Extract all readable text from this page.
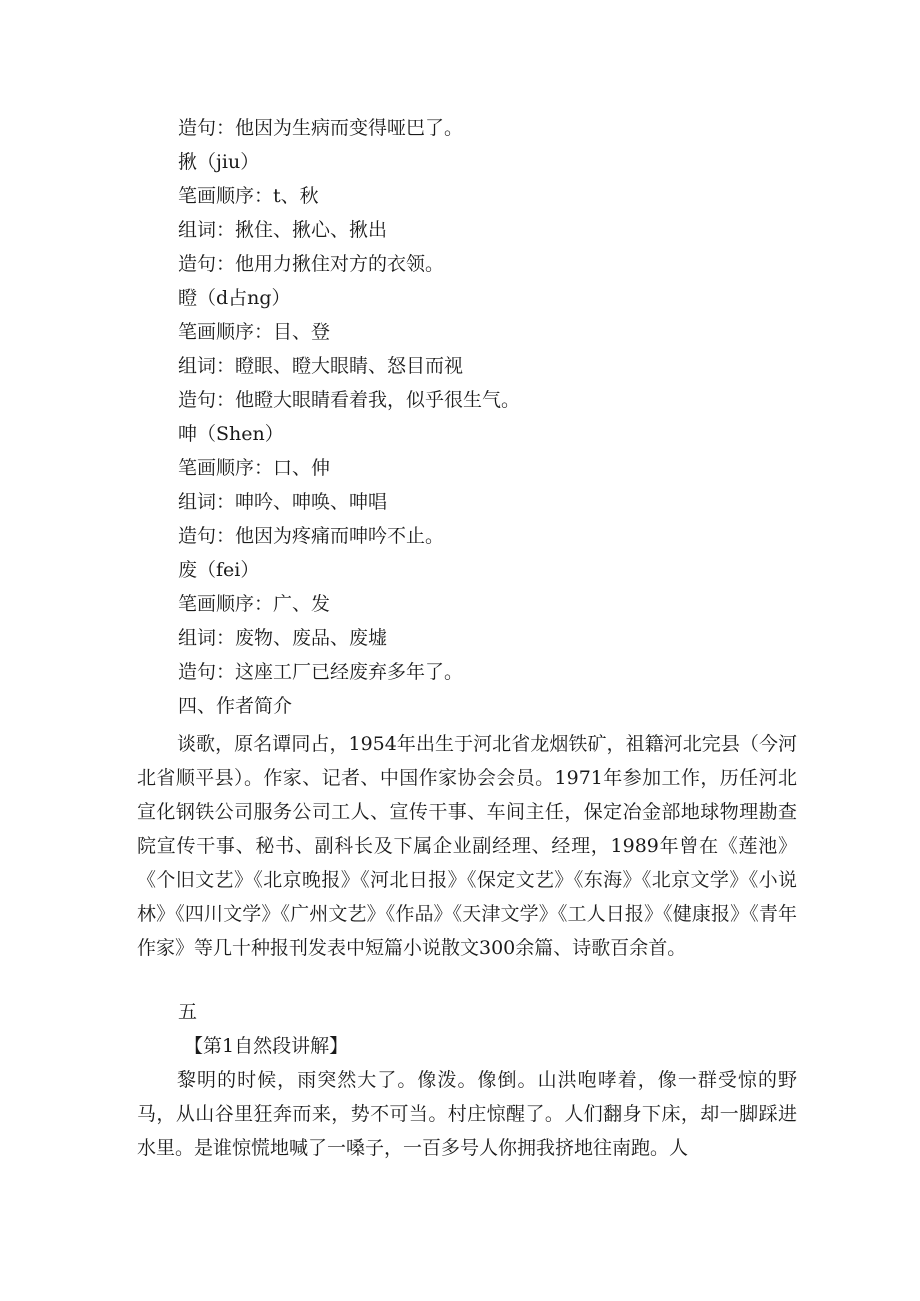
造句：他因为生病而变得哑巴了。
揪（jiu）
笔画顺序：t、秋
组词：揪住、揪心、揪出
造句：他用力揪住对方的衣领。
瞪（d占ng）
笔画顺序：目、登
组词：瞪眼、瞪大眼睛、怒目而视
造句：他瞪大眼睛看着我，似乎很生气。
呻（Shen）
笔画顺序：口、伸
组词：呻吟、呻唤、呻唱
造句：他因为疼痛而呻吟不止。
废（fei）
笔画顺序：广、发
组词：废物、废品、废墟
造句：这座工厂已经废弃多年了。
四、作者简介

谈歌，原名谭同占，1954年出生于河北省龙烟铁矿，祖籍河北完县（今河北省顺平县）。作家、记者、中国作家协会会员。1971年参加工作，历任河北宣化钢铁公司服务公司工人、宣传干事、车间主任，保定冶金部地球物理勘查院宣传干事、秘书、副科长及下属企业副经理、经理，1989年曾在《莲池》《个旧文艺》《北京晚报》《河北日报》《保定文艺》《东海》《北京文学》《小说林》《四川文学》《广州文艺》《作品》《天津文学》《工人日报》《健康报》《青年作家》等几十种报刊发表中短篇小说散文300余篇、诗歌百余首。

五
【第1自然段讲解】

黎明的时候，雨突然大了。像泼。像倒。山洪咆哮着，像一群受惊的野马，从山谷里狂奔而来，势不可当。村庄惊醒了。人们翻身下床，却一脚踩进水里。是谁惊慌地喊了一嗓子，一百多号人你拥我挤地往南跑。人
